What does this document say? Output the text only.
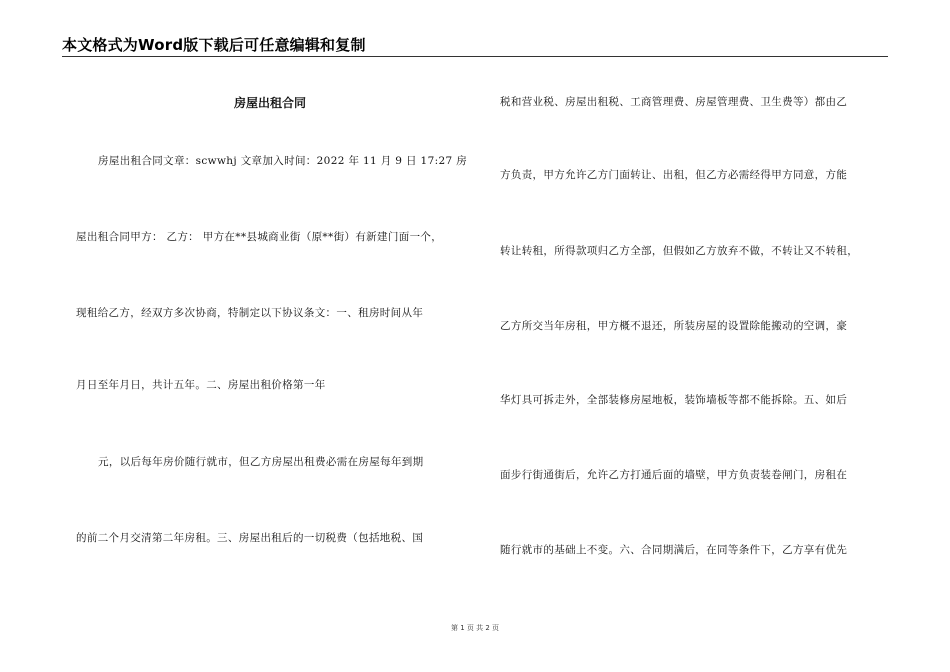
本文格式为Word版下载后可任意编辑和复制
房屋出租合同
房屋出租合同文章：scwwhj 文章加入时间：2022 年 11 月 9 日 17:27 房
屋出租合同甲方： 乙方： 甲方在**县城商业街（原**街）有新建门面一个，
现租给乙方，经双方多次协商，特制定以下协议条文：一、租房时间从年
月日至年月日，共计五年。二、房屋出租价格第一年
元，以后每年房价随行就市，但乙方房屋出租费必需在房屋每年到期
的前二个月交清第二年房租。三、房屋出租后的一切税费（包括地税、国
税和营业税、房屋出租税、工商管理费、房屋管理费、卫生费等）都由乙
方负责，甲方允许乙方门面转让、出租，但乙方必需经得甲方同意，方能
转让转租，所得款项归乙方全部，但假如乙方放弃不做，不转让又不转租，
乙方所交当年房租，甲方概不退还，所装房屋的设置除能搬动的空调，豪
华灯具可拆走外，全部装修房屋地板，装饰墙板等都不能拆除。五、如后
面步行街通街后，允许乙方打通后面的墙壁，甲方负责装卷闸门，房租在
随行就市的基础上不变。六、合同期满后，在同等条件下，乙方享有优先
第 1 页 共 2 页
